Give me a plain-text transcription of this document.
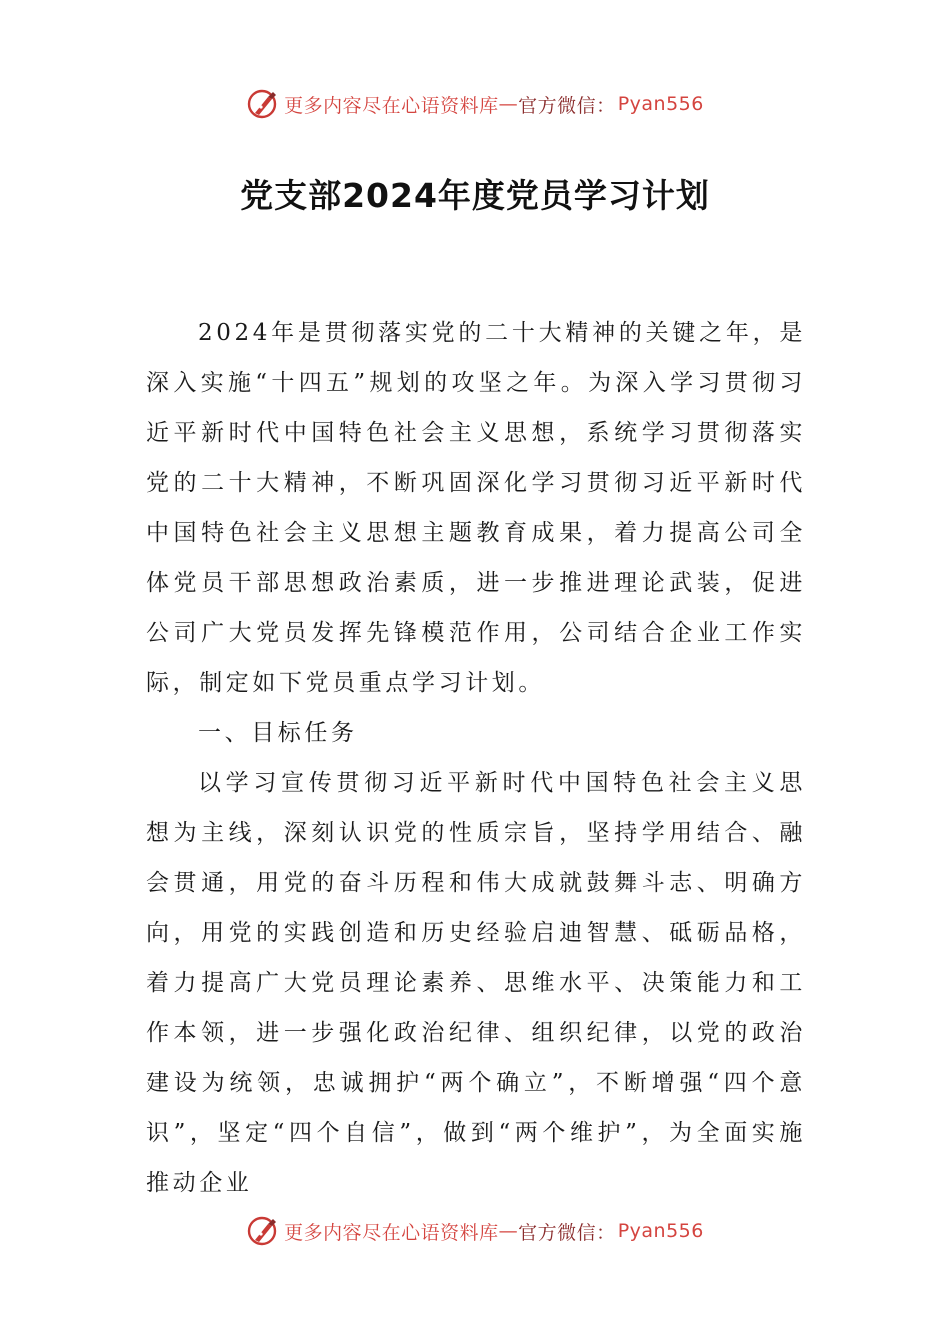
更多内容尽在心语资料库 — 官方微信： Pyan556
党支部2024年度党员学习计划

2024年是贯彻落实党的二十大精神的关键之年，是深入实施“十四五”规划的攻坚之年。为深入学习贯彻习近平新时代中国特色社会主义思想，系统学习贯彻落实党的二十大精神，不断巩固深化学习贯彻习近平新时代中国特色社会主义思想主题教育成果，着力提高公司全体党员干部思想政治素质，进一步推进理论武装，促进公司广大党员发挥先锋模范作用，公司结合企业工作实际，制定如下党员重点学习计划。

一、目标任务

以学习宣传贯彻习近平新时代中国特色社会主义思想为主线，深刻认识党的性质宗旨，坚持学用结合、融会贯通，用党的奋斗历程和伟大成就鼓舞斗志、明确方向，用党的实践创造和历史经验启迪智慧、砥砺品格，着力提高广大党员理论素养、思维水平、决策能力和工作本领，进一步强化政治纪律、组织纪律，以党的政治建设为统领，忠诚拥护“两个确立”，不断增强“四个意识”，坚定“四个自信”，做到“两个维护”，为全面实施推动企业

更多内容尽在心语资料库 — 官方微信： Pyan556
